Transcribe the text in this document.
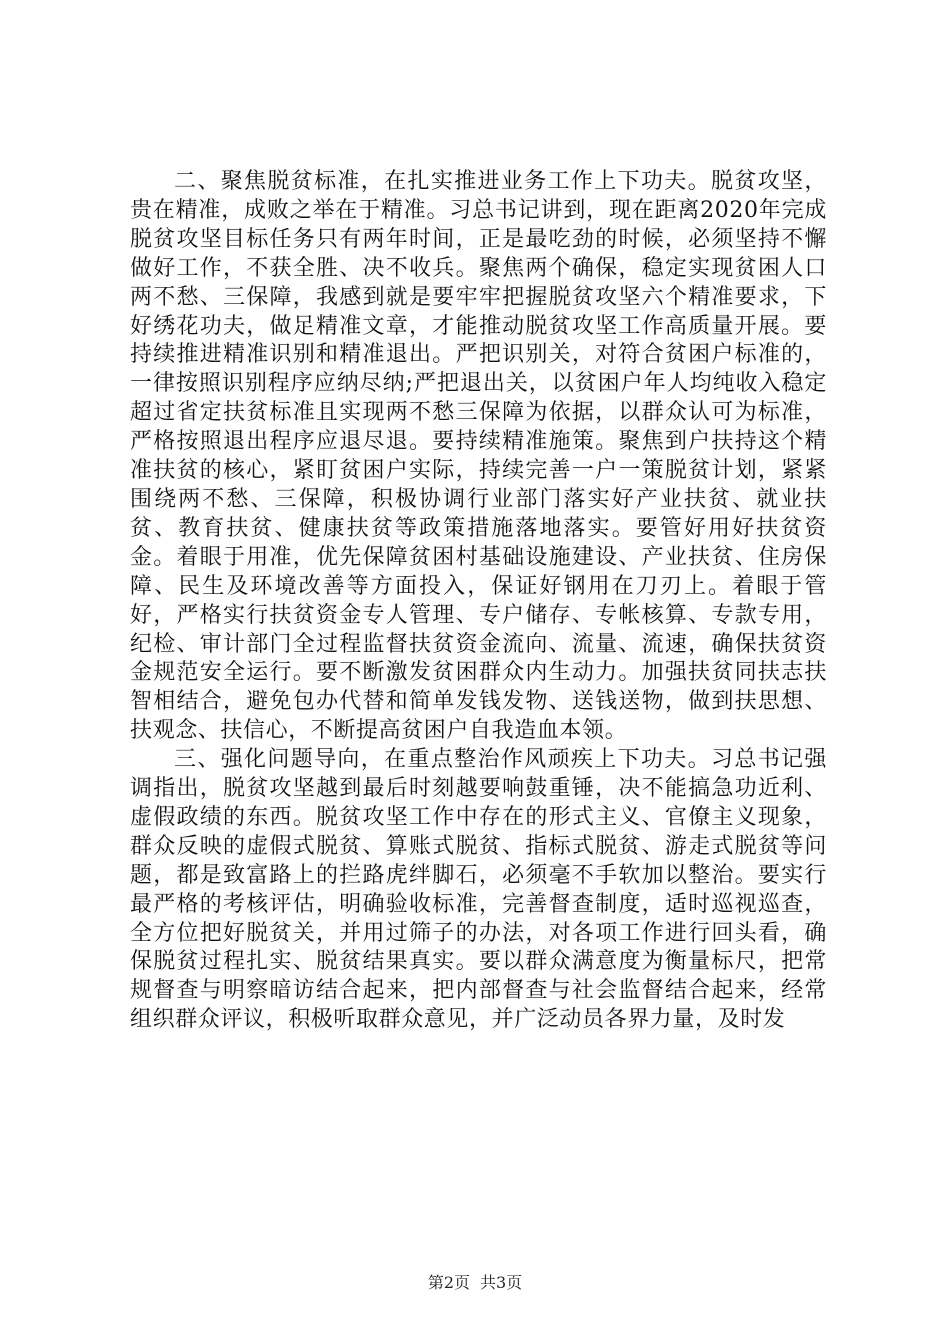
二、聚焦脱贫标准，在扎实推进业务工作上下功夫。脱贫攻坚，贵在精准，成败之举在于精准。习总书记讲到，现在距离2020年完成脱贫攻坚目标任务只有两年时间，正是最吃劲的时候，必须坚持不懈做好工作，不获全胜、决不收兵。聚焦两个确保，稳定实现贫困人口两不愁、三保障，我感到就是要牢牢把握脱贫攻坚六个精准要求，下好绣花功夫，做足精准文章，才能推动脱贫攻坚工作高质量开展。要持续推进精准识别和精准退出。严把识别关，对符合贫困户标准的，一律按照识别程序应纳尽纳;严把退出关，以贫困户年人均纯收入稳定超过省定扶贫标准且实现两不愁三保障为依据，以群众认可为标准，严格按照退出程序应退尽退。要持续精准施策。聚焦到户扶持这个精准扶贫的核心，紧盯贫困户实际，持续完善一户一策脱贫计划，紧紧围绕两不愁、三保障，积极协调行业部门落实好产业扶贫、就业扶贫、教育扶贫、健康扶贫等政策措施落地落实。要管好用好扶贫资金。着眼于用准，优先保障贫困村基础设施建设、产业扶贫、住房保障、民生及环境改善等方面投入，保证好钢用在刀刃上。着眼于管好，严格实行扶贫资金专人管理、专户储存、专帐核算、专款专用，纪检、审计部门全过程监督扶贫资金流向、流量、流速，确保扶贫资金规范安全运行。要不断激发贫困群众内生动力。加强扶贫同扶志扶智相结合，避免包办代替和简单发钱发物、送钱送物，做到扶思想、扶观念、扶信心，不断提高贫困户自我造血本领。

三、强化问题导向，在重点整治作风顽疾上下功夫。习总书记强调指出，脱贫攻坚越到最后时刻越要响鼓重锤，决不能搞急功近利、虚假政绩的东西。脱贫攻坚工作中存在的形式主义、官僚主义现象，群众反映的虚假式脱贫、算账式脱贫、指标式脱贫、游走式脱贫等问题，都是致富路上的拦路虎绊脚石，必须毫不手软加以整治。要实行最严格的考核评估，明确验收标准，完善督查制度，适时巡视巡查，全方位把好脱贫关，并用过筛子的办法，对各项工作进行回头看，确保脱贫过程扎实、脱贫结果真实。要以群众满意度为衡量标尺，把常规督查与明察暗访结合起来，把内部督查与社会监督结合起来，经常组织群众评议，积极听取群众意见，并广泛动员各界力量，及时发

第2页 共3页
